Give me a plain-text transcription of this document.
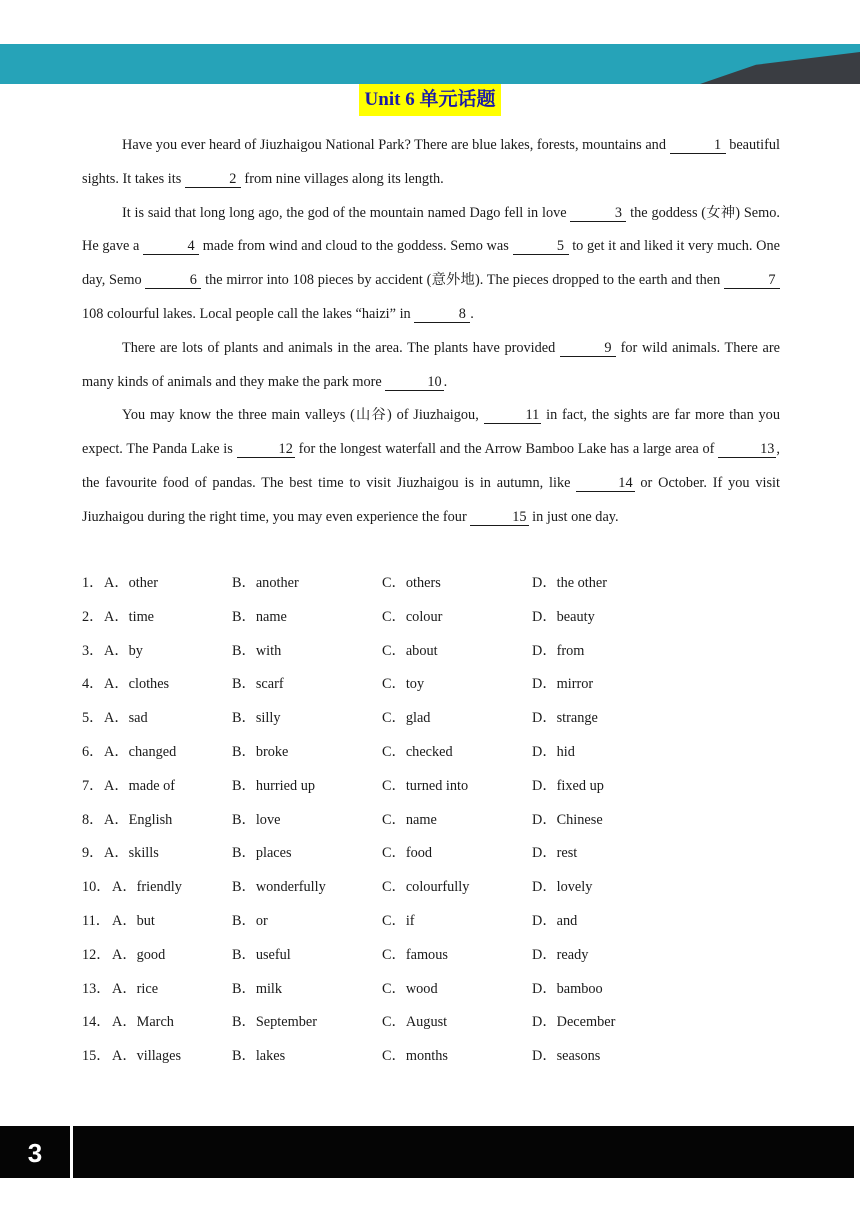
Unit 6 单元话题

Have you ever heard of Jiuzhaigou National Park? There are blue lakes, forests, mountains and	1 beautiful sights. It takes its	2 from nine villages along its length.

It is said that long long ago, the god of the mountain named Dago fell in love	3 the goddess (女神) Semo. He gave a	4 made from wind and cloud to the goddess. Semo was	5 to get it and liked it very much. One day, Semo	6 the mirror into 108 pieces by accident (意外地). The pieces dropped to the earth and then	7 108 colourful lakes. Local people call the lakes “haizi” in	8 .

There are lots of plants and animals in the area. The plants have provided	9 for wild animals. There are many kinds of animals and they make the park more	10 .

You may know the three main valleys (山谷) of Jiuzhaigou,	11 in fact, the sights are far more than you expect. The Panda Lake is	12 for the longest waterfall and the Arrow Bamboo Lake has a large area of	13 , the favourite food of pandas. The best time to visit Jiuzhaigou is in autumn, like	14 or October. If you visit Jiuzhaigou during the right time, you may even experience the four	15 in just one day.

1． A．other	B．another	C．others	D．the other
2． A．time	B．name	C．colour	D．beauty
3． A．by	B．with	C．about	D．from
4． A．clothes	B．scarf	C．toy	D．mirror
5． A．sad	B．silly	C．glad	D．strange
6． A．changed	B．broke	C．checked	D．hid
7． A．made of	B．hurried up	C．turned into	D．fixed up
8． A．English	B．love	C．name	D．Chinese
9． A．skills	B．places	C．food	D．rest
10． A．friendly	B．wonderfully	C．colourfully	D．lovely
11． A．but	B．or	C．if	D．and
12． A．good	B．useful	C．famous	D．ready
13． A．rice	B．milk	C．wood	D．bamboo
14． A．March	B．September	C．August	D．December
15． A．villages	B．lakes	C．months	D．seasons
3
